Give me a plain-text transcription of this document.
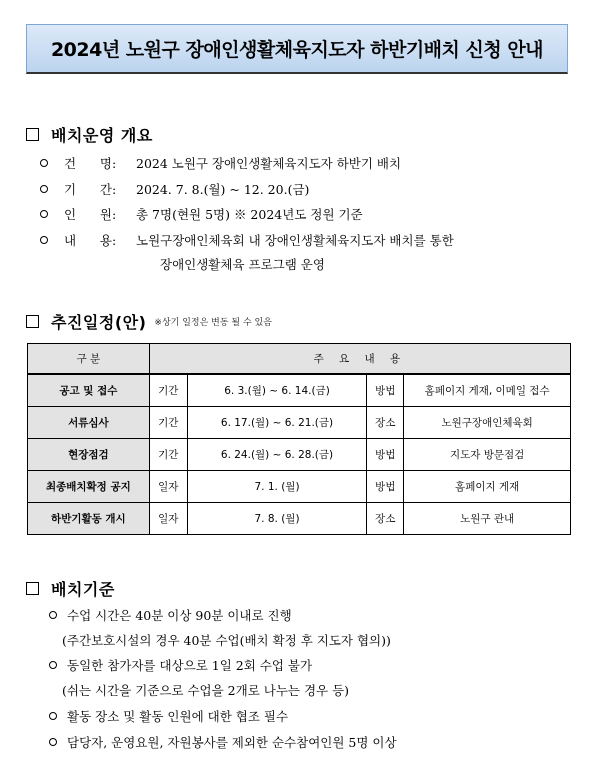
2024년 노원구 장애인생활체육지도자 하반기배치 신청 안내
배치운영 개요
건      명:	2024 노원구 장애인생활체육지도자 하반기 배치
기      간:	2024. 7. 8.(월) ~ 12. 20.(금)
인      원:	총 7명(현원 5명) ※ 2024년도 정원 기준
내      용:	노원구장애인체육회 내 장애인생활체육지도자 배치를 통한
장애인생활체육 프로그램 운영
추진일정(안) ※상기 일정은 변동 될 수 있음
구 분	주 요 내 용			
공고 및 접수	기간	6. 3.(월) ~ 6. 14.(금)	방법	홈페이지 게재, 이메일 접수
서류심사	기간	6. 17.(월) ~ 6. 21.(금)	장소	노원구장애인체육회
현장점검	기간	6. 24.(월) ~ 6. 28.(금)	방법	지도자 방문점검
최종배치확정 공지	일자	7. 1. (월)	방법	홈페이지 게재
하반기활동 개시	일자	7. 8. (월)	장소	노원구 관내
배치기준
수업 시간은 40분 이상 90분 이내로 진행
(주간보호시설의 경우 40분 수업(배치 확정 후 지도자 협의))
동일한 참가자를 대상으로 1일 2회 수업 불가
(쉬는 시간을 기준으로 수업을 2개로 나누는 경우 등)
활동 장소 및 활동 인원에 대한 협조 필수
담당자, 운영요원, 자원봉사를 제외한 순수참여인원 5명 이상
